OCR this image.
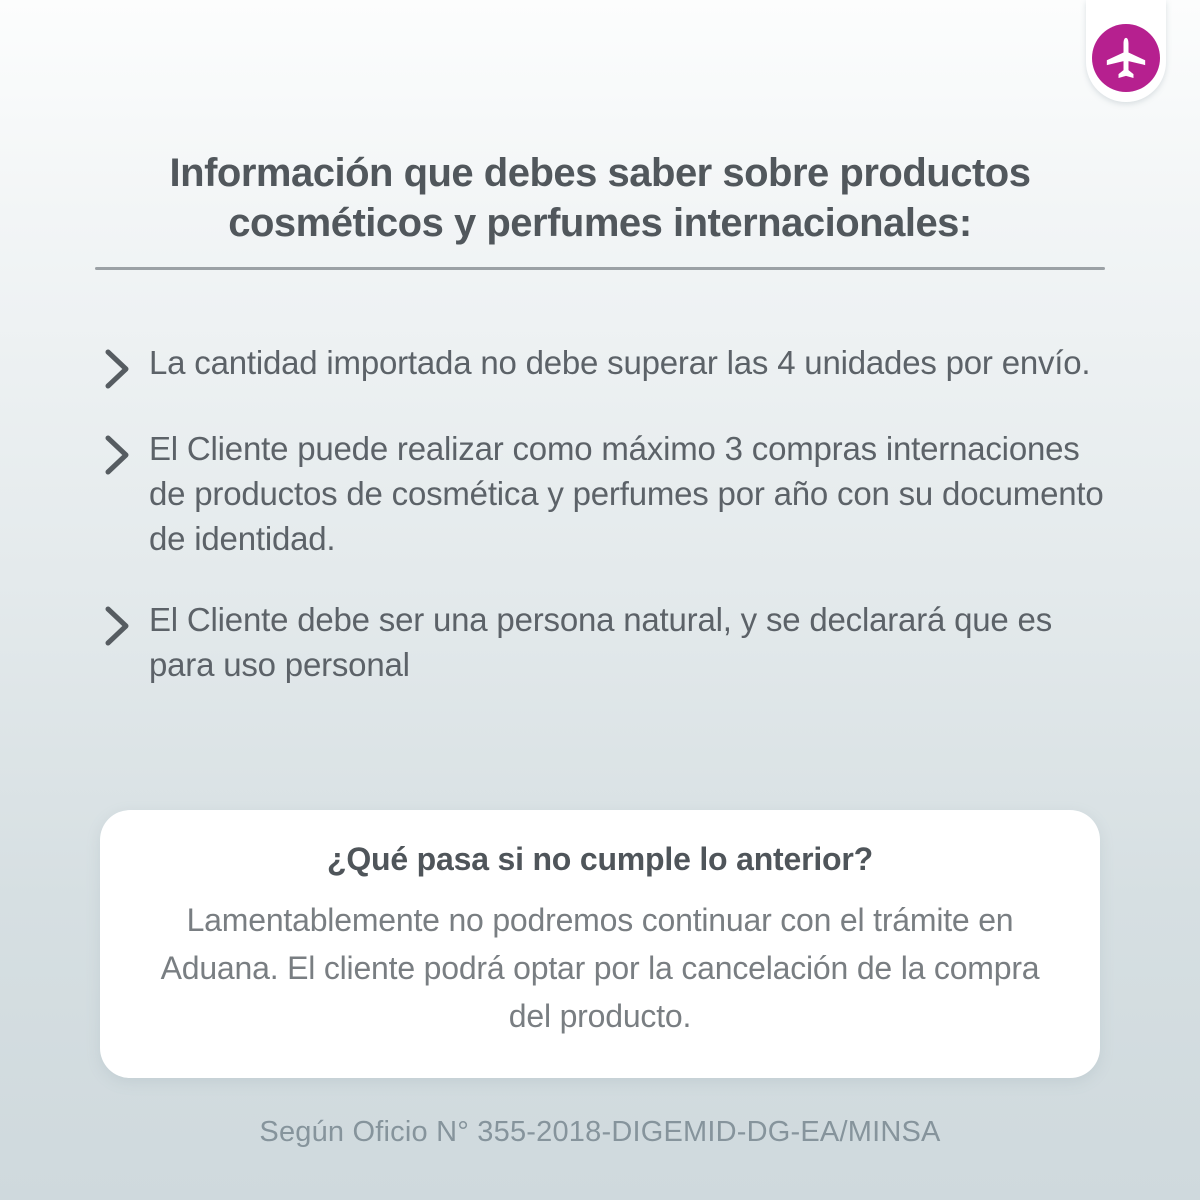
Información que debes saber sobre productos cosméticos y perfumes internacionales:
La cantidad importada no debe superar las 4 unidades por envío.
El Cliente puede realizar como máximo 3 compras internaciones de productos de cosmética y perfumes por año con su documento de identidad.
El Cliente debe ser una persona natural, y se declarará que es para uso personal
¿Qué pasa si no cumple lo anterior?
Lamentablemente no podremos continuar con el trámite en Aduana. El cliente podrá optar por la cancelación de la compra del producto.
Según Oficio N° 355-2018-DIGEMID-DG-EA/MINSA
